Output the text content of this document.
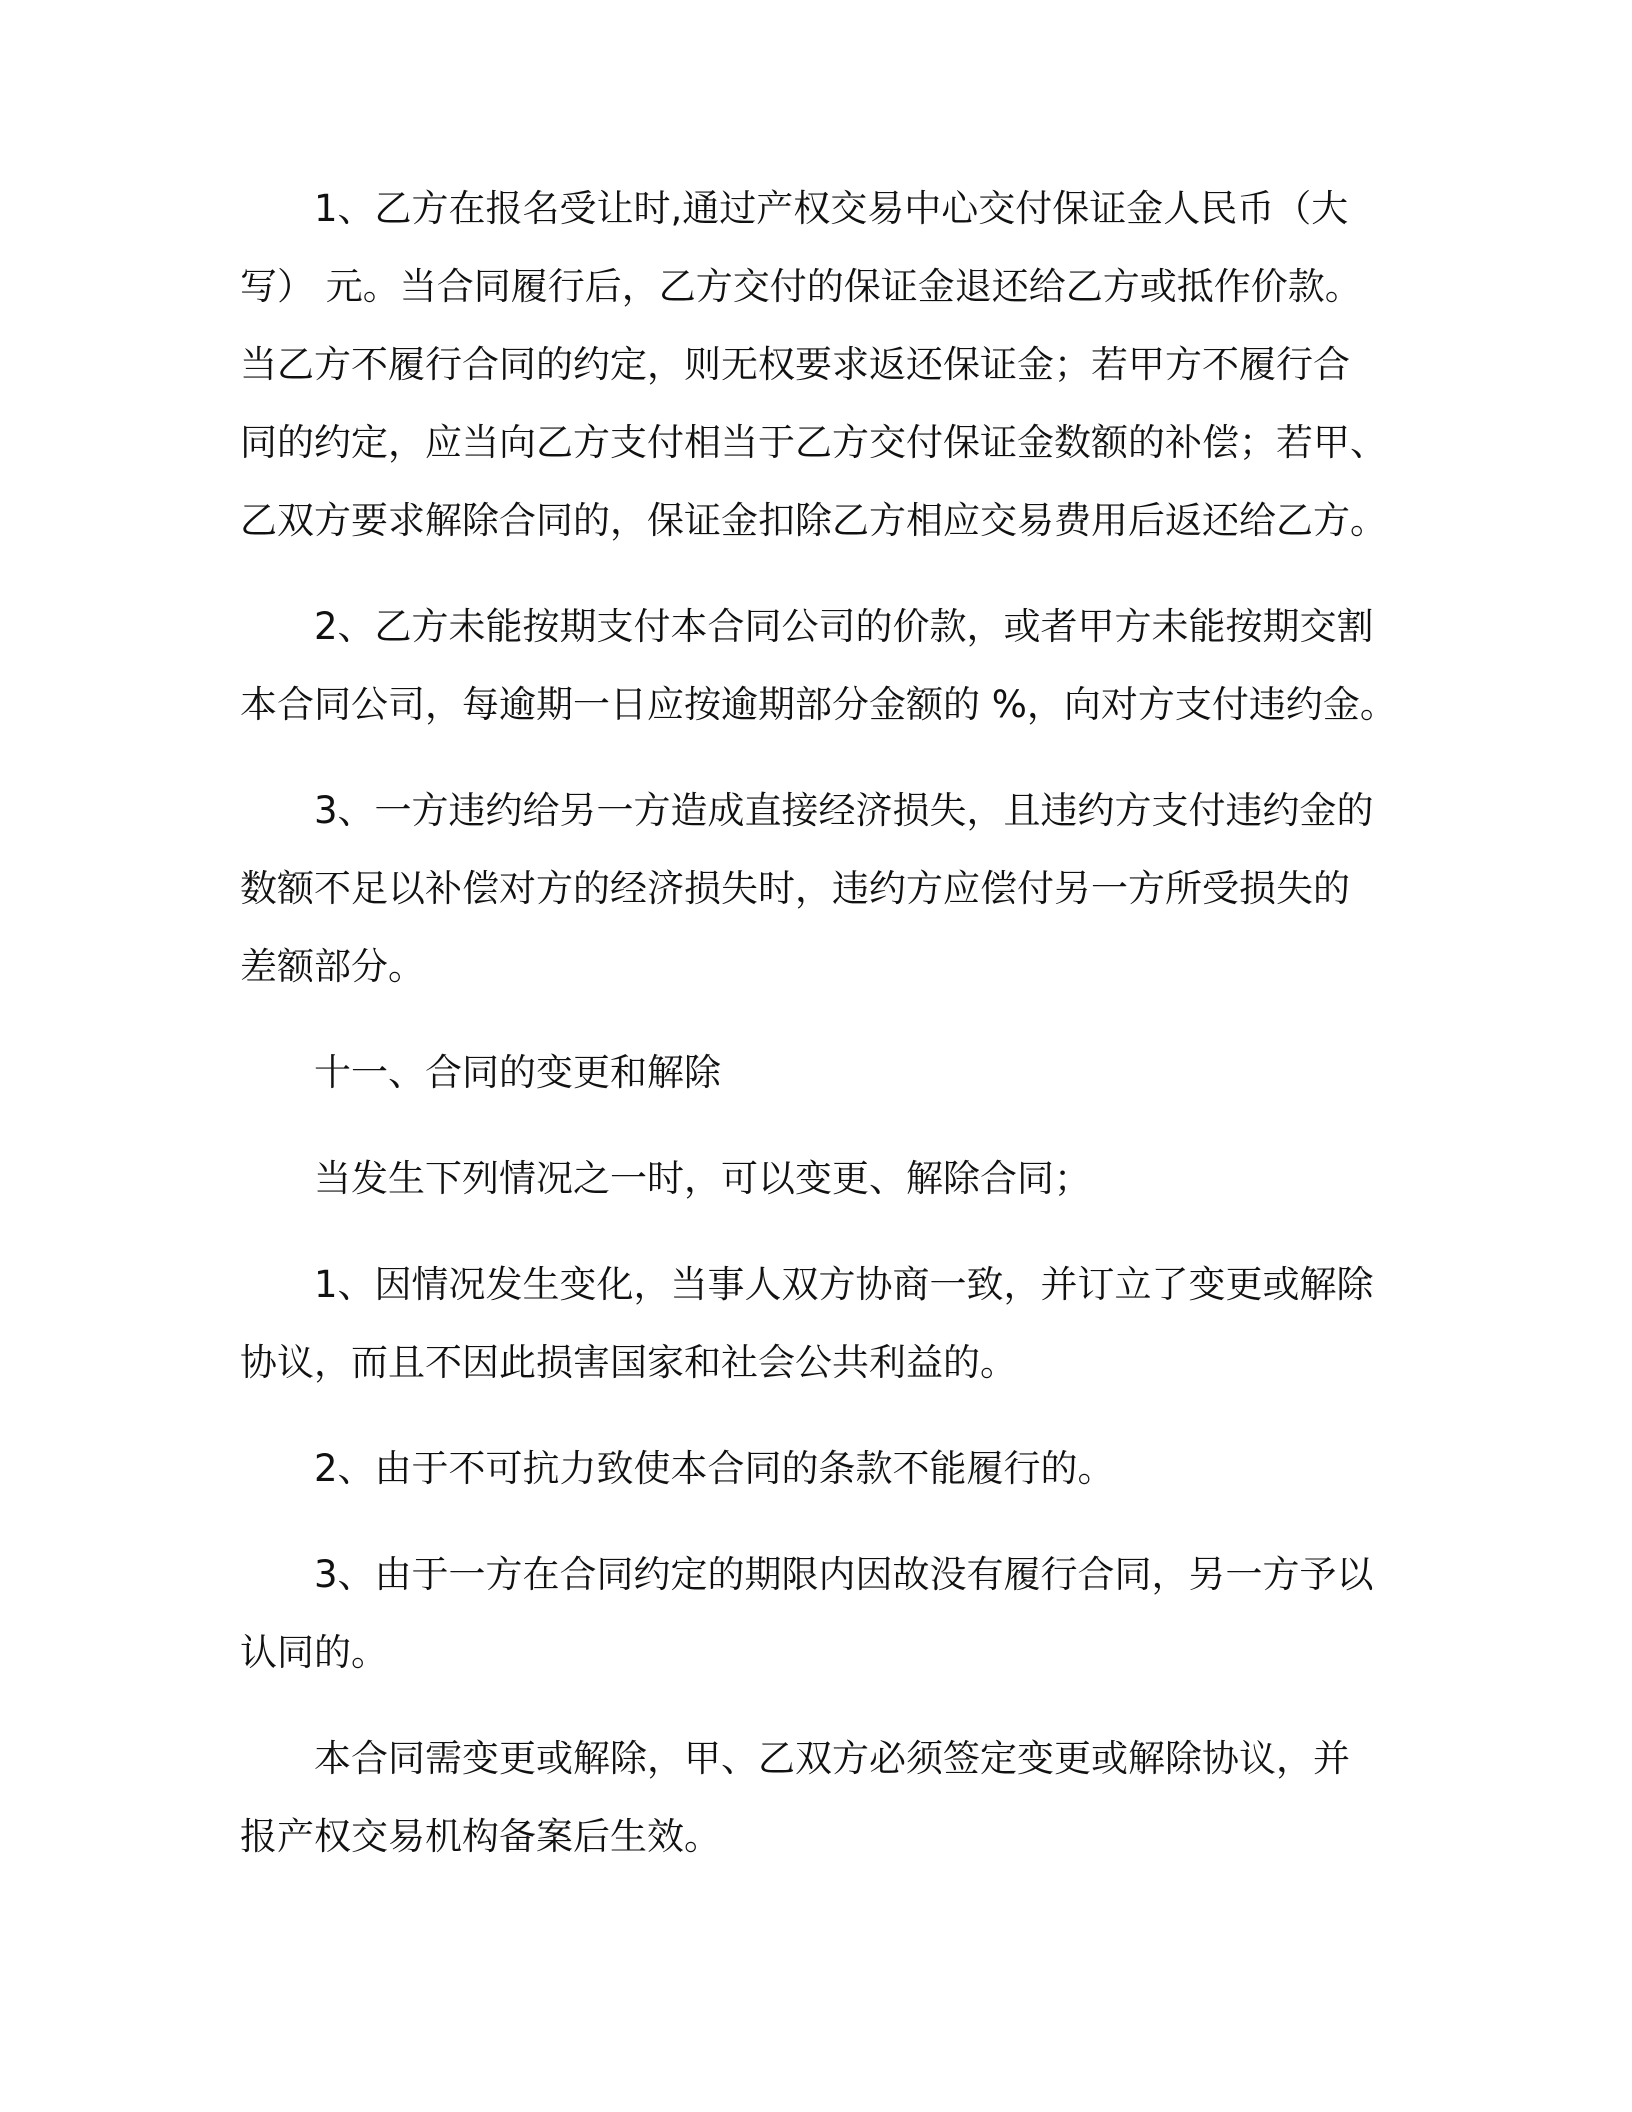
1、乙方在报名受让时,通过产权交易中心交付保证金人民币（大
写） 元。当合同履行后，乙方交付的保证金退还给乙方或抵作价款。
当乙方不履行合同的约定，则无权要求返还保证金；若甲方不履行合
同的约定，应当向乙方支付相当于乙方交付保证金数额的补偿；若甲、
乙双方要求解除合同的，保证金扣除乙方相应交易费用后返还给乙方。

2、乙方未能按期支付本合同公司的价款，或者甲方未能按期交割
本合同公司，每逾期一日应按逾期部分金额的 %，向对方支付违约金。

3、一方违约给另一方造成直接经济损失，且违约方支付违约金的
数额不足以补偿对方的经济损失时，违约方应偿付另一方所受损失的
差额部分。

十一、合同的变更和解除

当发生下列情况之一时，可以变更、解除合同；

1、因情况发生变化，当事人双方协商一致，并订立了变更或解除
协议，而且不因此损害国家和社会公共利益的。

2、由于不可抗力致使本合同的条款不能履行的。

3、由于一方在合同约定的期限内因故没有履行合同，另一方予以
认同的。

本合同需变更或解除，甲、乙双方必须签定变更或解除协议，并
报产权交易机构备案后生效。
